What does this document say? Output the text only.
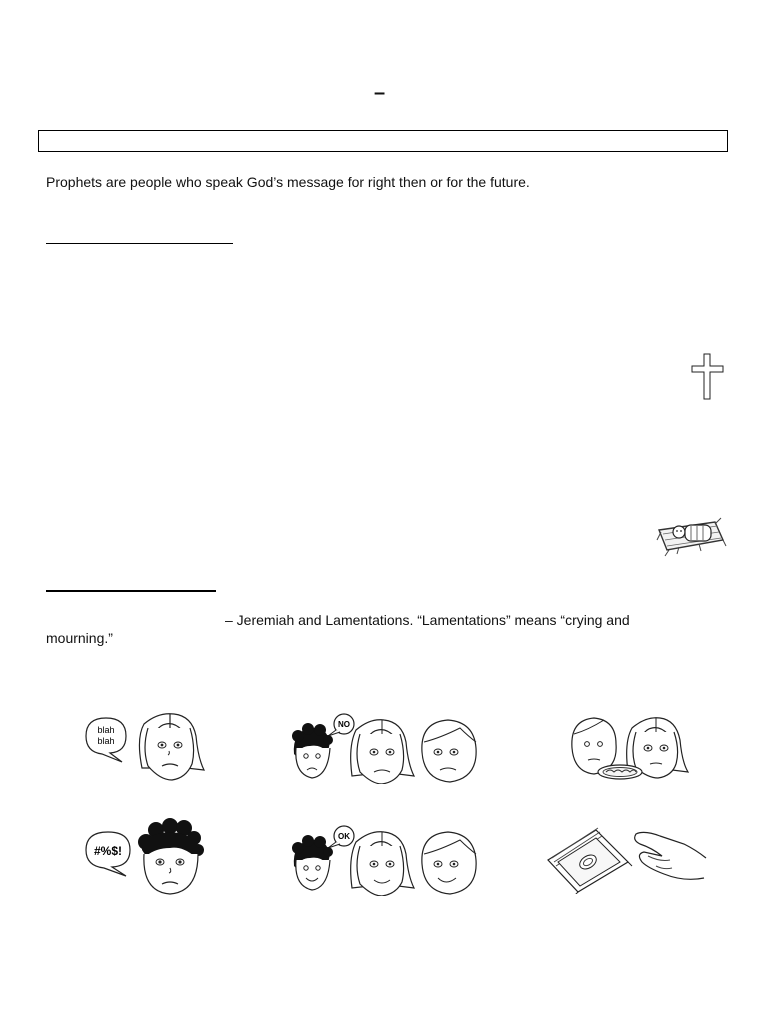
–
Prophets are people who speak God’s message for right then or for the future.
– Jeremiah and Lamentations. “Lamentations” means “crying and
mourning.”
blah
blah
NO
#%$!
OK
